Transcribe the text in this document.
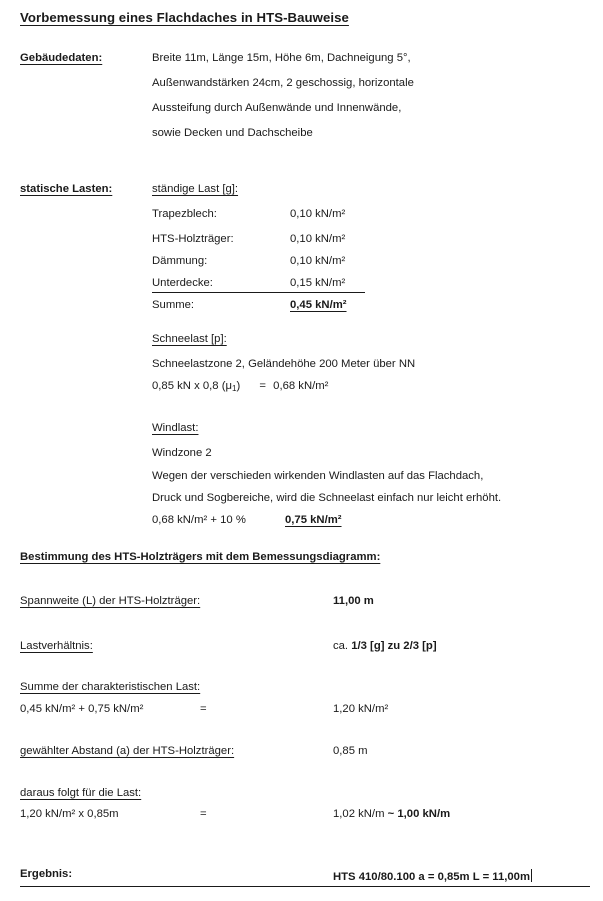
Vorbemessung eines Flachdaches in HTS-Bauweise
Gebäudedaten:	Breite 11m, Länge 15m, Höhe 6m, Dachneigung 5°,
Außenwandstärken 24cm, 2 geschossig, horizontale
Aussteifung durch Außenwände und Innenwände,
sowie Decken und Dachscheibe
statische Lasten:	ständige Last [g]:
Trapezblech:	0,10 kN/m²
HTS-Holzträger:	0,10 kN/m²
Dämmung:	0,10 kN/m²
Unterdecke:	0,15 kN/m²
Summe:	0,45 kN/m²
Schneelast [p]:
Schneelastzone 2, Geländehöhe 200 Meter über NN
0,85 kN x 0,8 $(\mu_1) = 0,68$ kN/m²
Windlast:
Windzone 2
Wegen der verschieden wirkenden Windlasten auf das Flachdach,
Druck und Sogbereiche, wird die Schneelast einfach nur leicht erhöht.
0,68 kN/m² + 10 %	0,75 kN/m²
Bestimmung des HTS-Holzträgers mit dem Bemessungsdiagramm:
Spannweite (L) der HTS-Holzträger:	11,00 m
Lastverhältnis:	ca. 1/3 [g] zu 2/3 [p]
Summe der charakteristischen Last:
0,45 kN/m² + 0,75 kN/m²	=	1,20 kN/m²
gewählter Abstand (a) der HTS-Holzträger:	0,85 m
daraus folgt für die Last:
1,20 kN/m² x 0,85m	=	1,02 kN/m ~ 1,00 kN/m
Ergebnis:	HTS 410/80.100 a = 0,85m L = 11,00m
